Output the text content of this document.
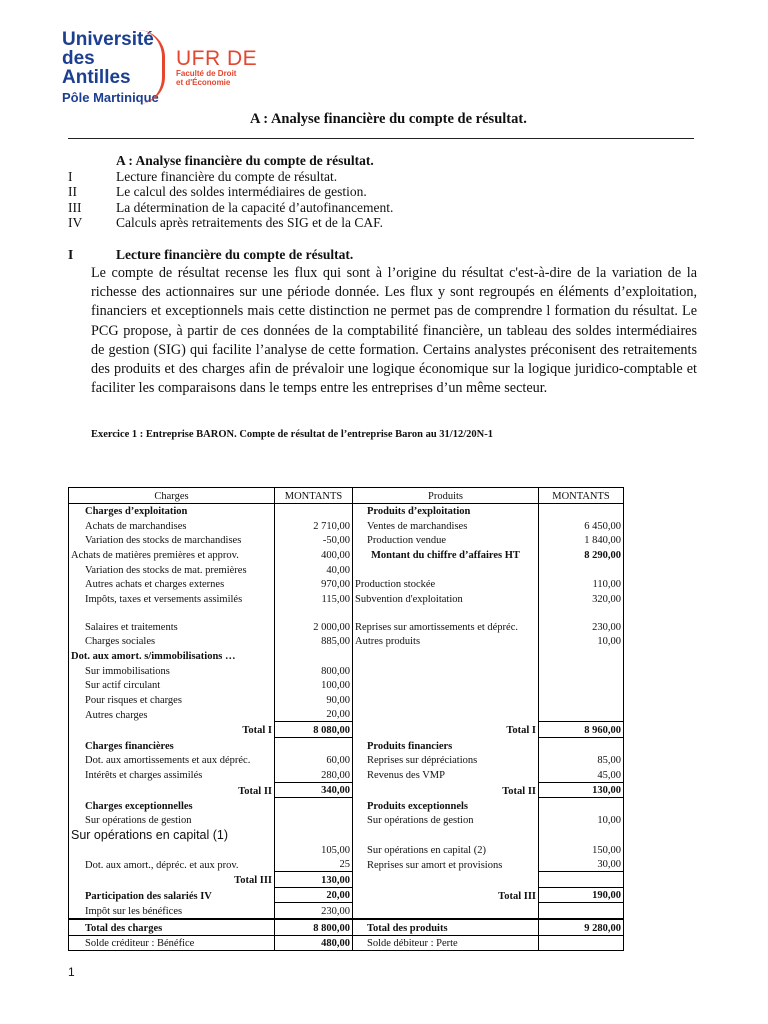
Université
des Antilles
Pôle Martinique
UFR DE
Faculté de Droit
et d'Économie
A : Analyse financière du compte de résultat.
A : Analyse financière du compte de résultat.
I	Lecture financière du compte de résultat.
II	Le calcul des soldes intermédiaires de gestion.
III	La détermination de la capacité d’autofinancement.
IV	Calculs après retraitements des SIG et de la CAF.
I	Lecture financière du compte de résultat.

Le compte de résultat recense les flux qui sont à l’origine du résultat c'est-à-dire de la variation de la richesse des actionnaires sur une période donnée. Les flux y sont regroupés en éléments d’exploitation, financiers et exceptionnels mais cette distinction ne permet pas de comprendre l formation du résultat. Le PCG propose, à partir de ces données de la comptabilité financière, un tableau des soldes intermédiaires de gestion (SIG) qui facilite l’analyse de cette formation. Certains analystes préconisent des retraitements des produits et des charges afin de prévaloir une logique économique sur la logique juridico-comptable et faciliter les comparaisons dans le temps entre les entreprises d’un même secteur.

Exercice 1 : Entreprise BARON. Compte de résultat de l’entreprise Baron au 31/12/20N-1
Charges	MONTANTS	Produits	MONTANTS
Charges d’exploitation		Produits d’exploitation	
Achats de marchandises	2 710,00	Ventes de marchandises	6 450,00
Variation des stocks de marchandises	-50,00	Production vendue	1 840,00
Achats de matières premières et approv.	400,00	Montant du chiffre d’affaires HT	8 290,00
Variation des stocks de mat. premières	40,00		
Autres achats et charges externes	970,00	Production stockée	110,00
Impôts, taxes et versements assimilés	115,00	Subvention d'exploitation	320,00
Salaires et traitements	2 000,00	Reprises sur amortissements et dépréc.	230,00
Charges sociales	885,00	Autres produits	10,00
Dot. aux amort. s/immobilisations …			
Sur immobilisations	800,00		
Sur actif circulant	100,00		
Pour risques et charges	90,00		
Autres charges	20,00		
Total I	8 080,00	Total I	8 960,00
Charges financières		Produits financiers	
Dot. aux amortissements et aux dépréc.	60,00	Reprises sur dépréciations	85,00
Intérêts et charges assimilés	280,00	Revenus des VMP	45,00
Total II	340,00	Total II	130,00
Charges exceptionnelles		Produits exceptionnels	
Sur opérations de gestion		Sur opérations de gestion	10,00
Sur opérations en capital (1)			
	105,00	Sur opérations en capital (2)	150,00
Dot. aux amort., dépréc. et aux prov.	25	Reprises sur amort et provisions	30,00
Total III	130,00		
Participation des salariés IV	20,00	Total III	190,00
Impôt sur les bénéfices	230,00		
Total des charges	8 800,00	Total des produits	9 280,00
Solde créditeur : Bénéfice	480,00	Solde débiteur : Perte	
1
